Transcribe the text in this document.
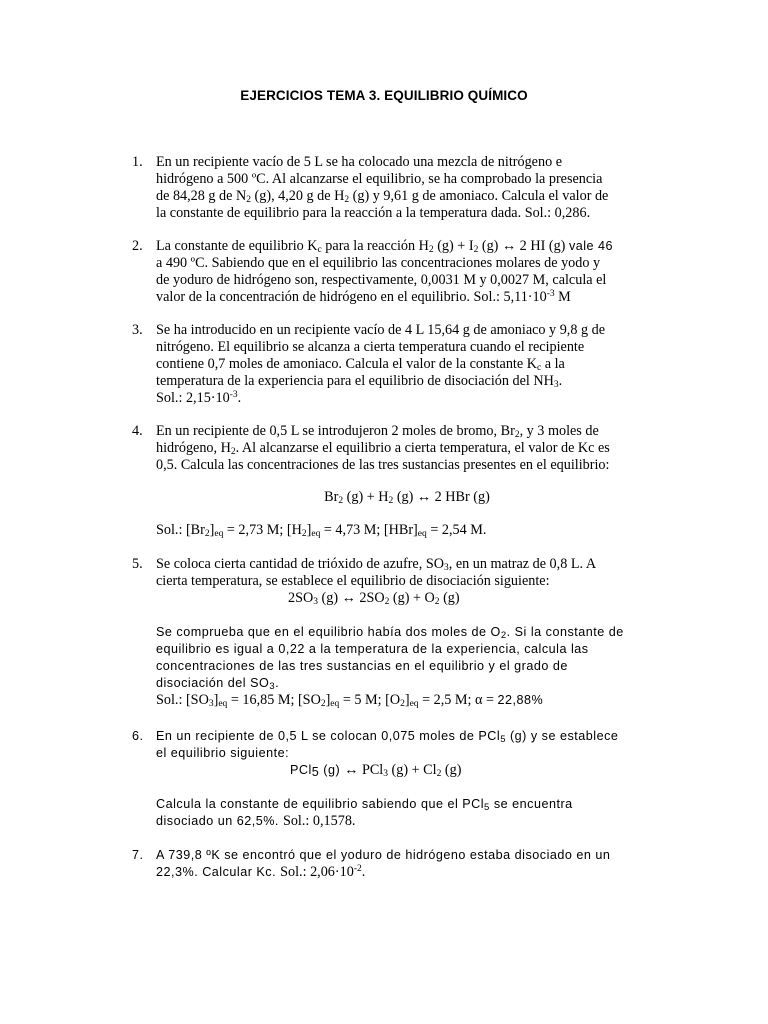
EJERCICIOS TEMA 3. EQUILIBRIO QUÍMICO
1. En un recipiente vacío de 5 L se ha colocado una mezcla de nitrógeno e
hidrógeno a 500 ºC. Al alcanzarse el equilibrio, se ha comprobado la presencia
de 84,28 g de $N_2$ (g), 4,20 g de $H_2$ (g) y 9,61 g de amoniaco. Calcula el valor de
la constante de equilibrio para la reacción a la temperatura dada. Sol.: 0,286.
2. La constante de equilibrio $K_c$ para la reacción $H_2$ $(g) + I_2$ (g) ↔ 2 HI (g) vale 46
a 490 ºC. Sabiendo que en el equilibrio las concentraciones molares de yodo y
de yoduro de hidrógeno son, respectivamente, 0,0031 M y 0,0027 M, calcula el
valor de la concentración de hidrógeno en el equilibrio. Sol.: $5,11\cdot 10^{-3}$ M
3. Se ha introducido en un recipiente vacío de 4 L 15,64 g de amoniaco y 9,8 g de
nitrógeno. El equilibrio se alcanza a cierta temperatura cuando el recipiente
contiene 0,7 moles de amoniaco. Calcula el valor de la constante $K_c$ a la
temperatura de la experiencia para el equilibrio de disociación del $NH_3$.
Sol.: $2,15\cdot 10^{-3}$.
4. En un recipiente de 0,5 L se introdujeron 2 moles de bromo, $Br_2$, y 3 moles de
hidrógeno, $H_2$. Al alcanzarse el equilibrio a cierta temperatura, el valor de Kc es
0,5. Calcula las concentraciones de las tres sustancias presentes en el equilibrio:
$Br_2$ $(g) + H_2$ (g) ↔ 2 HBr (g)
Sol.: $[Br_2]_{eq} = 2,73$ M; $[H_2]_{eq} = 4,73$ M; $[HBr]_{eq} = 2,54$ M.
5. Se coloca cierta cantidad de trióxido de azufre, $SO_3$, en un matraz de 0,8 L. A
cierta temperatura, se establece el equilibrio de disociación siguiente:
$2SO_3$ (g) ↔ $2SO_2$ $(g) + O_2$ (g)
Se comprueba que en el equilibrio había dos moles de $O_2$. Si la constante de
equilibrio es igual a 0,22 a la temperatura de la experiencia, calcula las
concentraciones de las tres sustancias en el equilibrio y el grado de
disociación del $SO_3$.
Sol.: $[SO_3]_{eq} = 16,85$ M; $[SO_2]_{eq} = 5$ M; $[O_2]_{eq} = 2,5$ M; α = 22,88%
6. En un recipiente de 0,5 L se colocan 0,075 moles de PCl$_5$ (g) y se establece
el equilibrio siguiente:
PCl$_5$ (g) ↔ PCl$_3$ $(g) + Cl_2$ (g)
Calcula la constante de equilibrio sabiendo que el PCl$_5$ se encuentra
disociado un 62,5%. Sol.: 0,1578.
7. A 739,8 ºK se encontró que el yoduro de hidrógeno estaba disociado en un
22,3%. Calcular Kc. Sol.: $2,06\cdot 10^{-2}$.
